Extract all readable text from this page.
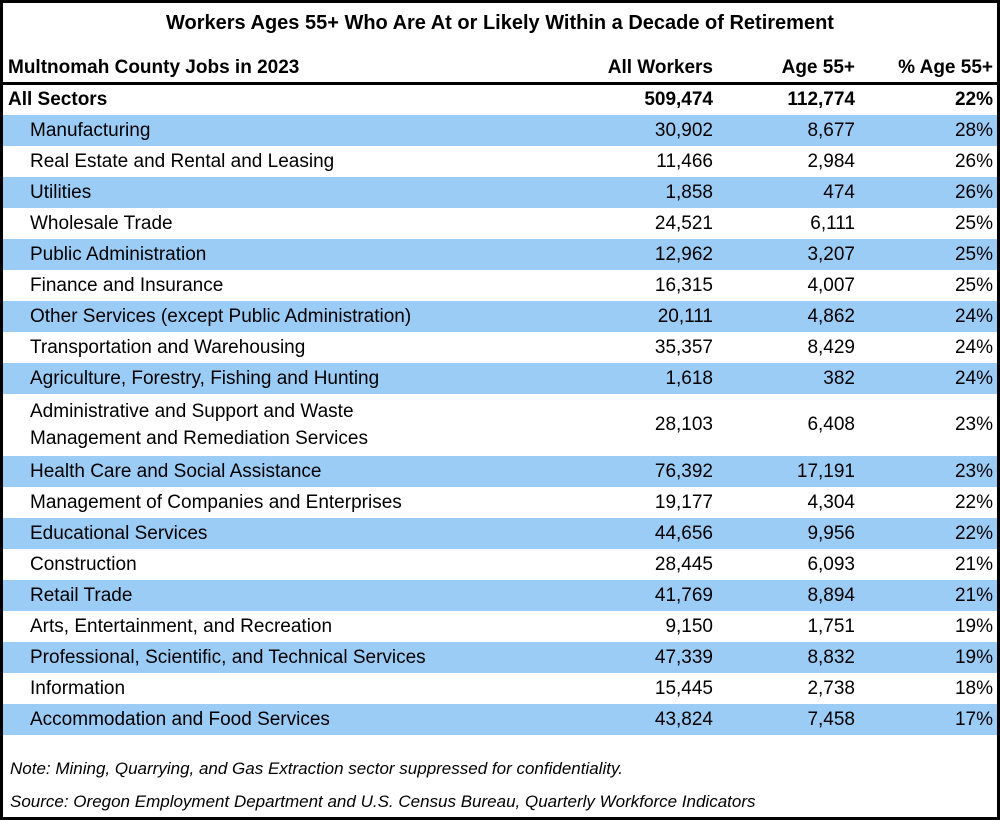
Workers Ages 55+ Who Are At or Likely Within a Decade of Retirement
Multnomah County Jobs in 2023	All Workers	Age 55+	% Age 55+
All Sectors	509,474	112,774	22%
Manufacturing	30,902	8,677	28%
Real Estate and Rental and Leasing	11,466	2,984	26%
Utilities	1,858	474	26%
Wholesale Trade	24,521	6,111	25%
Public Administration	12,962	3,207	25%
Finance and Insurance	16,315	4,007	25%
Other Services (except Public Administration)	20,111	4,862	24%
Transportation and Warehousing	35,357	8,429	24%
Agriculture, Forestry, Fishing and Hunting	1,618	382	24%
Administrative and Support and Waste Management and Remediation Services	28,103	6,408	23%
Health Care and Social Assistance	76,392	17,191	23%
Management of Companies and Enterprises	19,177	4,304	22%
Educational Services	44,656	9,956	22%
Construction	28,445	6,093	21%
Retail Trade	41,769	8,894	21%
Arts, Entertainment, and Recreation	9,150	1,751	19%
Professional, Scientific, and Technical Services	47,339	8,832	19%
Information	15,445	2,738	18%
Accommodation and Food Services	43,824	7,458	17%
Note: Mining, Quarrying, and Gas Extraction sector suppressed for confidentiality.
Source: Oregon Employment Department and U.S. Census Bureau, Quarterly Workforce Indicators
